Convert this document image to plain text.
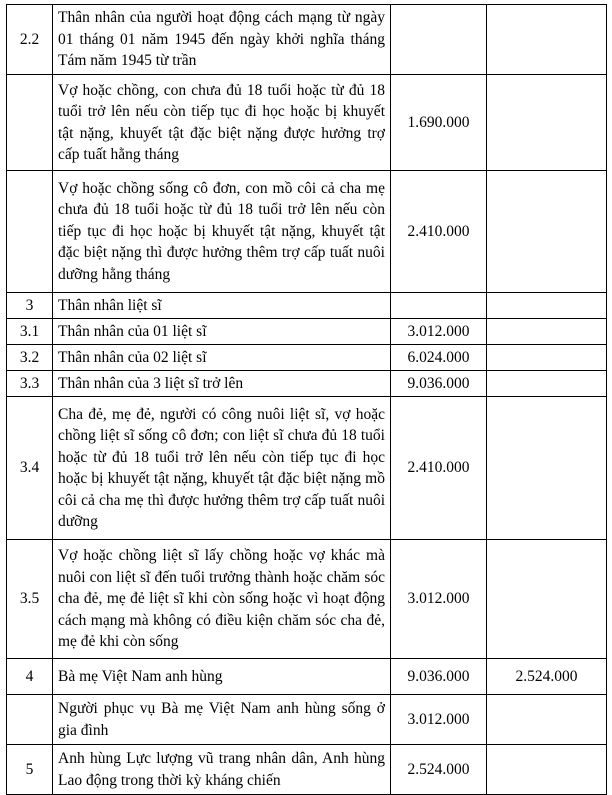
2.2	Thân nhân của người hoạt động cách mạng từ ngày 01 tháng 01 năm 1945 đến ngày khởi nghĩa tháng Tám năm 1945 từ trần		
	Vợ hoặc chồng, con chưa đủ 18 tuổi hoặc từ đủ 18 tuổi trở lên nếu còn tiếp tục đi học hoặc bị khuyết tật nặng, khuyết tật đặc biệt nặng được hưởng trợ cấp tuất hằng tháng	1.690.000	
	Vợ hoặc chồng sống cô đơn, con mồ côi cả cha mẹ chưa đủ 18 tuổi hoặc từ đủ 18 tuổi trở lên nếu còn tiếp tục đi học hoặc bị khuyết tật nặng, khuyết tật đặc biệt nặng thì được hưởng thêm trợ cấp tuất nuôi dưỡng hằng tháng	2.410.000	
3	Thân nhân liệt sĩ		
3.1	Thân nhân của 01 liệt sĩ	3.012.000	
3.2	Thân nhân của 02 liệt sĩ	6.024.000	
3.3	Thân nhân của 3 liệt sĩ trở lên	9.036.000	
3.4	Cha đẻ, mẹ đẻ, người có công nuôi liệt sĩ, vợ hoặc chồng liệt sĩ sống cô đơn; con liệt sĩ chưa đủ 18 tuổi hoặc từ đủ 18 tuổi trở lên nếu còn tiếp tục đi học hoặc bị khuyết tật nặng, khuyết tật đặc biệt nặng mồ côi cả cha mẹ thì được hưởng thêm trợ cấp tuất nuôi dưỡng	2.410.000	
3.5	Vợ hoặc chồng liệt sĩ lấy chồng hoặc vợ khác mà nuôi con liệt sĩ đến tuổi trưởng thành hoặc chăm sóc cha đẻ, mẹ đẻ liệt sĩ khi còn sống hoặc vì hoạt động cách mạng mà không có điều kiện chăm sóc cha đẻ, mẹ đẻ khi còn sống	3.012.000	
4	Bà mẹ Việt Nam anh hùng	9.036.000	2.524.000
	Người phục vụ Bà mẹ Việt Nam anh hùng sống ở gia đình	3.012.000	
5	Anh hùng Lực lượng vũ trang nhân dân, Anh hùng Lao động trong thời kỳ kháng chiến	2.524.000	
